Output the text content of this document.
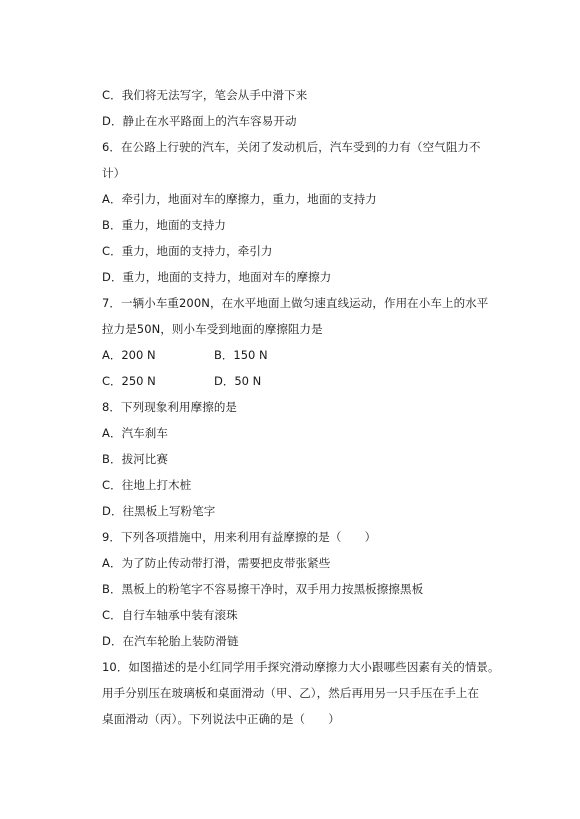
C．我们将无法写字，笔会从手中滑下来
D．静止在水平路面上的汽车容易开动
6．在公路上行驶的汽车，关闭了发动机后，汽车受到的力有（空气阻力不
计）
A．牵引力，地面对车的摩擦力，重力，地面的支持力
B．重力，地面的支持力
C．重力，地面的支持力，牵引力
D．重力，地面的支持力，地面对车的摩擦力
7．一辆小车重200N，在水平地面上做匀速直线运动，作用在小车上的水平
拉力是50N，则小车受到地面的摩擦阻力是
A．200 N	B．150 N
C．250 N	D．50 N
8．下列现象利用摩擦的是
A．汽车刹车
B．拔河比赛
C．往地上打木桩
D．往黑板上写粉笔字
9．下列各项措施中，用来利用有益摩擦的是（　　）
A．为了防止传动带打滑，需要把皮带张紧些
B．黑板上的粉笔字不容易擦干净时，双手用力按黑板擦擦黑板
C．自行车轴承中装有滚珠
D．在汽车轮胎上装防滑链
10．如图描述的是小红同学用手探究滑动摩擦力大小跟哪些因素有关的情景。
用手分别压在玻璃板和桌面滑动（甲、乙），然后再用另一只手压在手上在
桌面滑动（丙）。下列说法中正确的是（　　）
